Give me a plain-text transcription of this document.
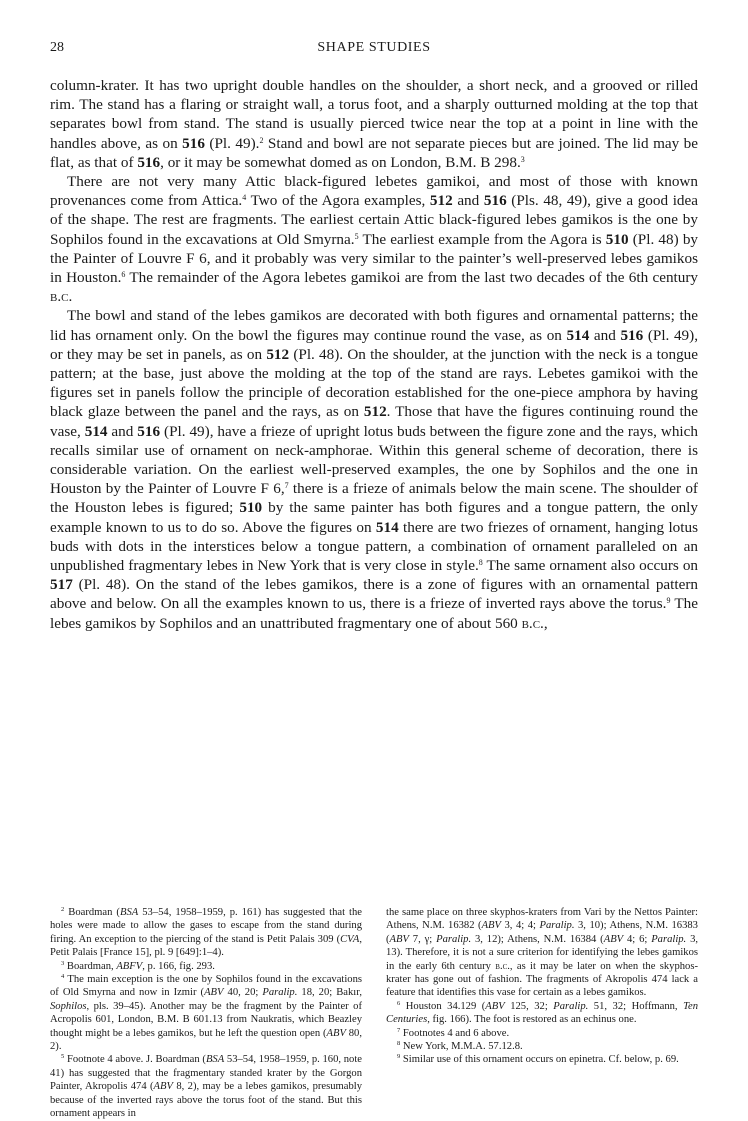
28	SHAPE STUDIES

column-krater. It has two upright double handles on the shoulder, a short neck, and a grooved or rilled rim. The stand has a flaring or straight wall, a torus foot, and a sharply outturned molding at the top that separates bowl from stand. The stand is usually pierced twice near the top at a point in line with the handles above, as on 516 (Pl. 49).$^2$ Stand and bowl are not separate pieces but are joined. The lid may be flat, as that of 516, or it may be somewhat domed as on London, B.M. B 298.$^3$

There are not very many Attic black-figured lebetes gamikoi, and most of those with known provenances come from Attica.$^4$ Two of the Agora examples, 512 and 516 (Pls. 48, 49), give a good idea of the shape. The rest are fragments. The earliest certain Attic black-figured lebes gamikos is the one by Sophilos found in the excavations at Old Smyrna.$^5$ The earliest example from the Agora is 510 (Pl. 48) by the Painter of Louvre F 6, and it probably was very similar to the painter’s well-preserved lebes gamikos in Houston.$^6$ The remainder of the Agora lebetes gamikoi are from the last two decades of the 6th century b.c.

The bowl and stand of the lebes gamikos are decorated with both figures and ornamental patterns; the lid has ornament only. On the bowl the figures may continue round the vase, as on 514 and 516 (Pl. 49), or they may be set in panels, as on 512 (Pl. 48). On the shoulder, at the junction with the neck is a tongue pattern; at the base, just above the molding at the top of the stand are rays. Lebetes gamikoi with the figures set in panels follow the principle of decoration established for the one-piece amphora by having black glaze between the panel and the rays, as on 512. Those that have the figures continuing round the vase, 514 and 516 (Pl. 49), have a frieze of upright lotus buds between the figure zone and the rays, which recalls similar use of ornament on neck-amphorae. Within this general scheme of decoration, there is considerable variation. On the earliest well-preserved examples, the one by Sophilos and the one in Houston by the Painter of Louvre F 6,$^7$ there is a frieze of animals below the main scene. The shoulder of the Houston lebes is figured; 510 by the same painter has both figures and a tongue pattern, the only example known to us to do so. Above the figures on 514 there are two friezes of ornament, hanging lotus buds with dots in the interstices below a tongue pattern, a combination of ornament paralleled on an unpublished fragmentary lebes in New York that is very close in style.$^8$ The same ornament also occurs on 517 (Pl. 48). On the stand of the lebes gamikos, there is a zone of figures with an ornamental pattern above and below. On all the examples known to us, there is a frieze of inverted rays above the torus.$^9$ The lebes gamikos by Sophilos and an unattributed fragmentary one of about 560 b.c.,

$^2$ Boardman (BSA 53–54, 1958–1959, p. 161) has suggested that the holes were made to allow the gases to escape from the stand during firing. An exception to the piercing of the stand is Petit Palais 309 (CVA, Petit Palais [France 15], pl. 9 [649]:1–4).

$^3$ Boardman, ABFV, p. 166, fig. 293.

$^4$ The main exception is the one by Sophilos found in the excavations of Old Smyrna and now in Izmir (ABV 40, 20; Paralip. 18, 20; Bakır, Sophilos, pls. 39–45). Another may be the fragment by the Painter of Acropolis 601, London, B.M. B 601.13 from Naukratis, which Beazley thought might be a lebes gamikos, but he left the question open (ABV 80, 2).

$^5$ Footnote 4 above. J. Boardman (BSA 53–54, 1958–1959, p. 160, note 41) has suggested that the fragmentary standed krater by the Gorgon Painter, Akropolis 474 (ABV 8, 2), may be a lebes gamikos, presumably because of the inverted rays above the torus foot of the stand. But this ornament appears in

the same place on three skyphos-kraters from Vari by the Nettos Painter: Athens, N.M. 16382 (ABV 3, 4; 4; Paralip. 3, 10); Athens, N.M. 16383 (ABV 7, γ; Paralip. 3, 12); Athens, N.M. 16384 (ABV 4; 6; Paralip. 3, 13). Therefore, it is not a sure criterion for identifying the lebes gamikos in the early 6th century b.c., as it may be later on when the skyphos-krater has gone out of fashion. The fragments of Akropolis 474 lack a feature that identifies this vase for certain as a lebes gamikos.

$^6$ Houston 34.129 (ABV 125, 32; Paralip. 51, 32; Hoffmann, Ten Centuries, fig. 166). The foot is restored as an echinus one.

$^7$ Footnotes 4 and 6 above.

$^8$ New York, M.M.A. 57.12.8.

$^9$ Similar use of this ornament occurs on epinetra. Cf. below, p. 69.
